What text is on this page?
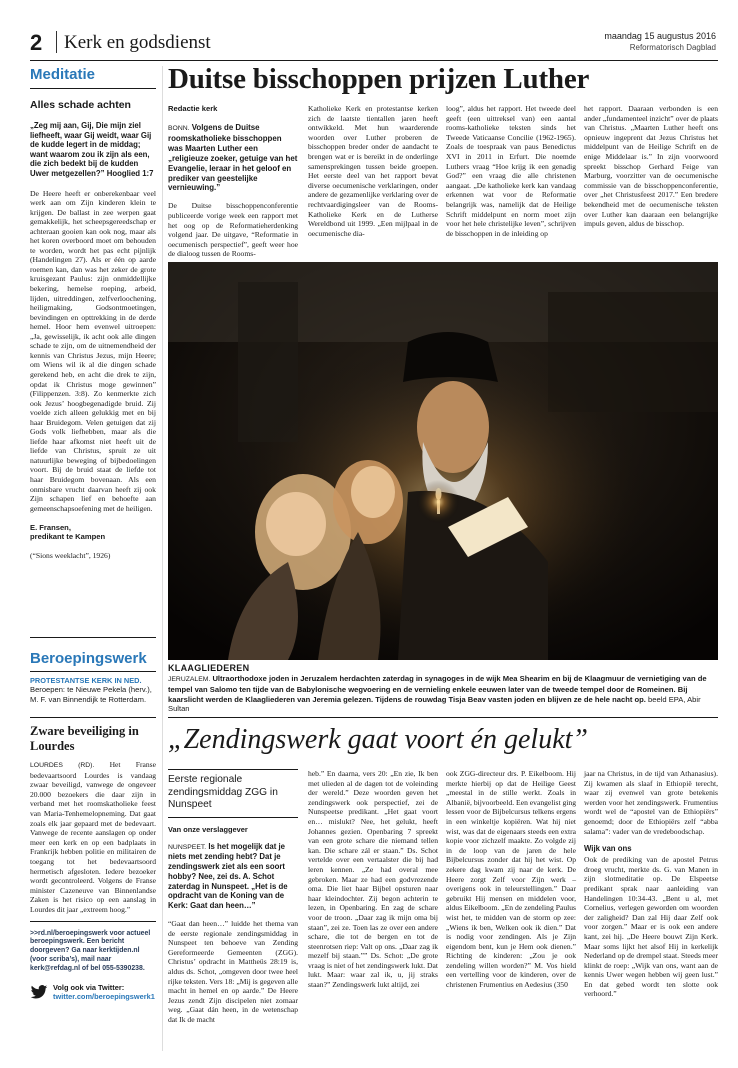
2 Kerk en godsdienst	maandag 15 augustus 2016
Reformatorisch Dagblad
Meditatie
Alles schade achten
„Zeg mij aan, Gij, Die mijn ziel liefheeft, waar Gij weidt, waar Gij de kudde legert in de middag; want waarom zou ik zijn als een, die zich bedekt bij de kudden Uwer metgezellen?” Hooglied 1:7
De Heere heeft er onberekenbaar veel werk aan om Zijn kinderen klein te krijgen. De ballast in zee werpen gaat gemakkelijk, het scheepsgereedschap er achteraan gooien kan ook nog, maar als het koren overboord moet om behouden te worden, wordt het pas echt pijnlijk (Handelingen 27). Als er één op aarde roemen kan, dan was het zeker de grote kruisgezant Paulus: zijn onmiddellijke bekering, hemelse roeping, arbeid, lijden, uitreddingen, zelfverloochening, heiligmaking, Godsontmoetingen, bevindingen en opttrekking in de derde hemel. Hoor hem evenwel uitroepen: „Ja, gewisselijk, ik acht ook alle dingen schade te zijn, om de uitnemendheid der kennis van Christus Jezus, mijn Heere; om Wiens wil ik al die dingen schade gerekend heb, en acht die drek te zijn, opdat ik Christus moge gewinnen” (Filippenzen. 3:8). Zo kenmerkte zich ook Jezus’ hoogbegenadigde bruid. Zij voelde zich alleen gelukkig met en bij haar Bruidegom. Velen getuigen dat zij Gods volk liefhebben, maar als die liefde haar afkomst niet heeft uit de liefde van Christus, spruit ze uit natuurlijke beweging of bijbedoelingen voort. Bij de bruid staat de liefde tot haar Bruidegom bovenaan. Als een onmisbare vrucht daarvan heeft zij ook Zijn schapen lief en behoefte aan gemeenschapsoefening met de heiligen.
E. Fransen,
predikant te Kampen
(“Sions weeklacht”, 1926)
Beroepingswerk
PROTESTANTSE KERK IN NED.
Beroepen: te Nieuwe Pekela (herv.), M. F. van Binnendijk te Rotterdam.
Zware beveiliging in Lourdes
LOURDES (RD). Het Franse bedevaartsoord Lourdes is vandaag zwaar beveiligd, vanwege de ongeveer 20.000 bezoekers die daar zijn in verband met het roomskatholieke feest van Maria-Tenhemelopneming. Dat gaat zoals elk jaar gepaard met de bedevaart. Vanwege de recente aanslagen op onder meer een kerk en op een badplaats in Frankrijk hebben politie en militairen de toegang tot het bedevaartsoord hermetisch afgesloten. Iedere bezoeker wordt gecontroleerd. Volgens de Franse minister Cazeneuve van Binnenlandse Zaken is het risico op een aanslag in Lourdes dit jaar „extreem hoog.”
>>rd.nl/beroepingswerk voor actueel beroepingswerk. Een bericht doorgeven? Ga naar kerktijden.nl (voor scriba’s), mail naar kerk@refdag.nl of bel 055-5390238.
Volg ook via Twitter:
twitter.com/beroepingswerk1
Duitse bisschoppen prijzen Luther
Redactie kerk
BONN. Volgens de Duitse roomskatholieke bisschoppen was Maarten Luther een „religieuze zoeker, getuige van het Evangelie, leraar in het geloof en prediker van geestelijke vernieuwing.”
De Duitse bisschoppenconferentie publiceerde vorige week een rapport met het oog op de Reformatieherdenking volgend jaar. De uitgave, “Reformatie in oecumenisch perspectief”, geeft weer hoe de dialoog tussen de Rooms-
Katholieke Kerk en protestantse kerken zich de laatste tientallen jaren heeft ontwikkeld. Met hun waarderende woorden over Luther proberen de bisschoppen breder onder de aandacht te brengen wat er is bereikt in de onderlinge samensprekingen tussen beide groepen. Het eerste deel van het rapport bevat diverse oecumenische verklaringen, onder andere de gezamenlijke verklaring over de rechtvaardigingsleer van de Rooms-Katholieke Kerk en de Lutherse Wereldbond uit 1999. „Een mijlpaal in de oecumenische dia-
loog”, aldus het rapport. Het tweede deel geeft (een uittreksel van) een aantal rooms-katholieke teksten sinds het Tweede Vaticaanse Concilie (1962-1965). Zoals de toespraak van paus Benedictus XVI in 2011 in Erfurt. Die noemde Luthers vraag “Hoe krijg ik een genadig God?” een vraag die alle christenen aangaat. „De katholieke kerk kan vandaag erkennen wat voor de Reformatie belangrijk was, namelijk dat de Heilige Schrift middelpunt en norm moet zijn voor het hele christelijke leven”, schrijven de bisschoppen in de inleiding op
het rapport. Daaraan verbonden is een ander „fundamenteel inzicht” over de plaats van Christus. „Maarten Luther heeft ons opnieuw ingeprent dat Jezus Christus het middelpunt van de Heilige Schrift en de enige Middelaar is.” In zijn voorwoord spreekt bisschop Gerhard Feige van Marburg, voorzitter van de oecumenische commissie van de bisschoppenconferentie, over „het Christusfeest 2017.” Een bredere bekendheid met de oecumenische teksten over Luther kan daaraan een belangrijke impuls geven, aldus de bisschop.
KLAAGLIEDEREN
JERUZALEM. Ultraorthodoxe joden in Jeruzalem herdachten zaterdag in synagoges in de wijk Mea Shearim en bij de Klaagmuur de vernietiging van de tempel van Salomo ten tijde van de Babylonische wegvoering en de vernieling enkele eeuwen later van de tweede tempel door de Romeinen. Bij kaarslicht werden de Klaagliederen van Jeremia gelezen. Tijdens de rouwdag Tisja Beav vasten joden en blijven ze de hele nacht op. beeld EPA, Abir Sultan
„Zendingswerk gaat voort én gelukt”
Eerste regionale zendingsmiddag ZGG in Nunspeet
Van onze verslaggever
NUNSPEET. Is het mogelijk dat je niets met zending hebt? Dat je zendingswerk ziet als een soort hobby? Nee, zei ds. A. Schot zaterdag in Nunspeet. „Het is de opdracht van de Koning van de Kerk: Gaat dan heen…”
“Gaat dan heen…” luidde het thema van de eerste regionale zendingsmiddag in Nunspeet ten behoeve van Zending Gereformeerde Gemeenten (ZGG). Christus’ opdracht in Mattheüs 28:19 is, aldus ds. Schot, „omgeven door twee heel rijke teksten. Vers 18: „Mij is gegeven alle macht in hemel en op aarde.” De Heere Jezus zendt Zijn discipelen niet zomaar weg. „Gaat dán heen, in de wetenschap dat Ik de macht
heb.” En daarna, vers 20: „En zie, Ik ben met ulieden al de dagen tot de voleinding der wereld.” Deze woorden geven het zendingswerk ook perspectief, zei de Nunspeetse predikant. „Het gaat voort en… mislukt? Nee, het gelukt, heeft Johannes gezien. Openbaring 7 spreekt van een grote schare die niemand tellen kan. Die schare zál er staan.” Ds. Schot vertelde over een vertaalster die bij had leren kennen. „Ze had overal mee gebroken. Maar ze had een godvrezende oma. Die liet haar Bijbel opsturen naar haar kleindochter. Zij begon achterin te lezen, in Openbaring. En zag de schare voor de troon. „Daar zag ik mijn oma bij staan”, zei ze. Toen las ze over een andere schare, die tot de bergen en tot de steenrotsen riep: Valt op ons. „Daar zag ik mezelf bij staan.”” Ds. Schot: „De grote vraag is niet of het zendingswerk lukt. Dat lukt. Maar: waar zal ik, u, jij straks staan?” Zendingswerk lukt altijd, zei
ook ZGG-directeur drs. P. Eikelboom. Hij merkte hierbij op dat de Heilige Geest „meestal in de stille werkt. Zoals in Albanië, bijvoorbeeld. Een evangelist ging lessen voor de Bijbelcursus telkens ergens in een winkeltje kopiëren. Wat hij niet wist, was dat de eigenaars steeds een extra kopie voor zichzelf maakte. Zo volgde zij in de loop van de jaren de hele Bijbelcursus zonder dat hij het wist. Op zekere dag kwam zij naar de kerk. De Heere zorgt Zelf voor Zijn werk – overigens ook in teleurstellingen.” Daar gebruikt Hij mensen en middelen voor, aldus Eikelboom. „En de zendeling Paulus wist het, te midden van de storm op zee: „Wiens ik ben, Welken ook ik dien.” Dat is nodig voor zendingen. Als je Zijn eigendom bent, kun je Hem ook dienen.” Richting de kinderen: „Zou je ook zendeling willen worden?” M. Vos hield een vertelling voor de kinderen, over de christenen Frumentius en Aedesius (350
jaar na Christus, in de tijd van Athanasius). Zij kwamen als slaaf in Ethiopië terecht, waar zij evenwel van grote betekenis werden voor het zendingswerk. Frumentius wordt wel de “apostel van de Ethiopiërs” genoemd; door de Ethiopiërs zelf “abba salama”: vader van de vredeboodschap.
Wijk van ons
Ook de prediking van de apostel Petrus droeg vrucht, merkte ds. G. van Manen in zijn slotmeditatie op. De Elspeetse predikant sprak naar aanleiding van Handelingen 10:34-43. „Bent u al, met Cornelius, verlegen geworden om woorden der zaligheid? Dan zal Hij daar Zelf ook voor zorgen.” Maar er is ook een andere kant, zei hij. „De Heere bouwt Zijn Kerk. Maar soms lijkt het alsof Hij in kerkelijk Nederland op de drempel staat. Steeds meer klinkt de roep: „Wijk van ons, want aan de kennis Uwer wegen hebben wij geen lust.” En dat gebed wordt ten slotte ook verhoord.”
